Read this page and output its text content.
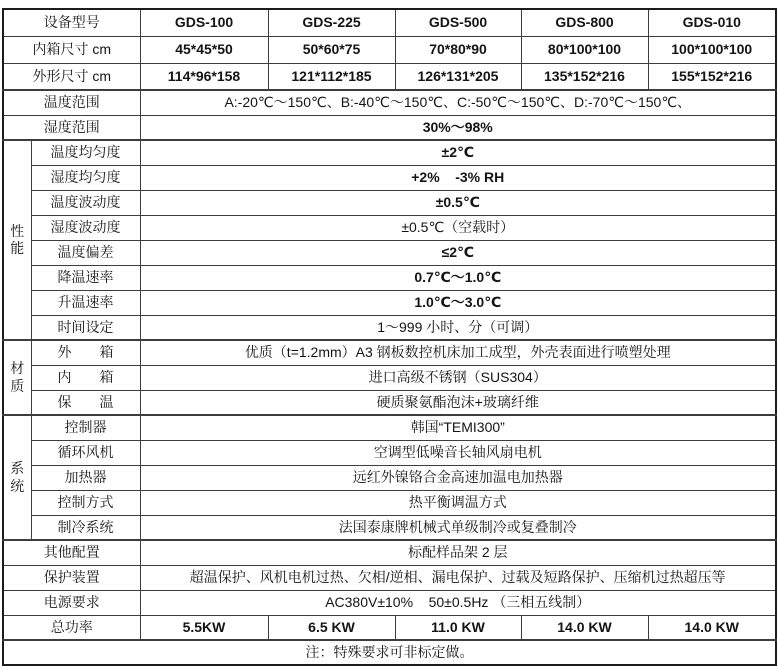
设备型号		GDS-100	GDS-225	GDS-500	GDS-800	GDS-010
内箱尺寸 cm		45*45*50	50*60*75	70*80*90	80*100*100	100*100*100
外形尺寸 cm		114*96*158	121*112*185	126*131*205	135*152*216	155*152*216
温度范围		A:-20℃～150℃、B:-40℃～150℃、C:-50℃～150℃、D:-70℃～150℃、				
湿度范围		30%～98%				
性能	温度均匀度	±2℃				
	湿度均匀度	+2%    -3% RH				
	温度波动度	±0.5℃				
	湿度波动度	±0.5℃（空载时）				
	温度偏差	≤2℃				
	降温速率	0.7℃～1.0℃				
	升温速率	1.0℃～3.0℃				
	时间设定	1～999 小时、分（可调）				
材质	外　　箱	优质（t=1.2mm）A3 钢板数控机床加工成型，外壳表面进行喷塑处理				
	内　　箱	进口高级不锈钢（SUS304）				
	保　　温	硬质聚氨酯泡沫+玻璃纤维				
系统	控制器	韩国“TEMI300”				
	循环风机	空调型低噪音长轴风扇电机				
	加热器	远红外镍铬合金高速加温电加热器				
	控制方式	热平衡调温方式				
	制冷系统	法国泰康牌机械式单级制冷或复叠制冷				
其他配置		标配样品架 2 层				
保护装置		超温保护、风机电机过热、欠相/逆相、漏电保护、过载及短路保护、压缩机过热超压等				
电源要求		AC380V±10%    50±0.5Hz （三相五线制）				
总功率		5.5KW	6.5 KW	11.0 KW	14.0 KW	14.0 KW
注：特殊要求可非标定做。						
